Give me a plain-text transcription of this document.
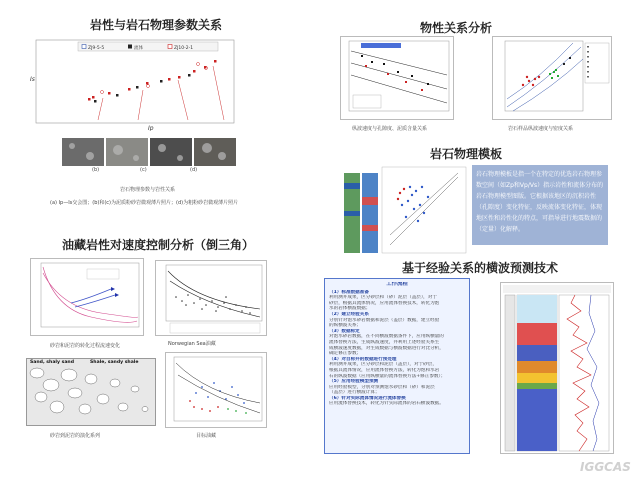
岩性与岩石物理参数关系
ZJ9-5-5	流体	ZJ10-2-1
Is
Ip
(b)	(c)	(d)
岩石物理参数与岩性关系
(a) Ip—Is交会图；(b)和(c)为泥质粉砂岩微观薄片照片；(d)为粗粉砂岩微观薄片照片
物性关系分析
纵波速度与孔隙度、泥质含量关系	岩石样品纵波速度与密度关系
岩石物理模板
岩石物理模板是指一个在特定的优选岩石物理参数空间（如Zp和Vp/Vs）指示岩性和流体分布的岩石物理模型图版。它根据该地区的沉积岩性（孔隙度）变化特征，反映流体变化特征，体现地区性和岩性化的特点，可指导进行地震数据的（定量）化解释。
油藏岩性对速度控制分析（倒三角）
砂岩和泥岩的转化过程流速变化	Norwegian Sea油藏
Sand, shaly sand	Shale, sandy shale
砂岩到泥岩的演化系列	目标油藏
基于经验关系的横波预测技术
工作流程
（1）标准数据准备
利用测井成果，区分砂层和（砂）泥层（盖层），对于
砂层，根据其流体情况，应用流体替换技术，转化为饱
水的岩体横波数据；
（2）建立经验关系
分别针对饱水砂岩数据和泥层（盖层）数据，建立经验
的纵横波关系；
（3）数据标定
对饱水砂岩数据，在不同横波数据条件下，应用纵横量的
流体替换方法，生成纵波速度，并利用上述经验关系生
成横波速度数据，对生成数据与横波数据进行对比分析，
确定修正参数；
（4）对目标井的数据进行预处理
利用测井成果，区分砂层和泥层（盖层），对于砂层，
根据其流体情况，应用流体替换方法，转化为饱和水岩
石的纵波数据（应用纵横量的流体替换方法+修正参数）；
（5）应用经验模型预测
应用经验模型，分别对预测饱水砂层和（砂）和泥层
（盖层）进行横波计算；
（6）针对实际流体情况进行流体替换
应用流体替换技术，转化为针实际流体的岩石横波数据。
IGGCAS
